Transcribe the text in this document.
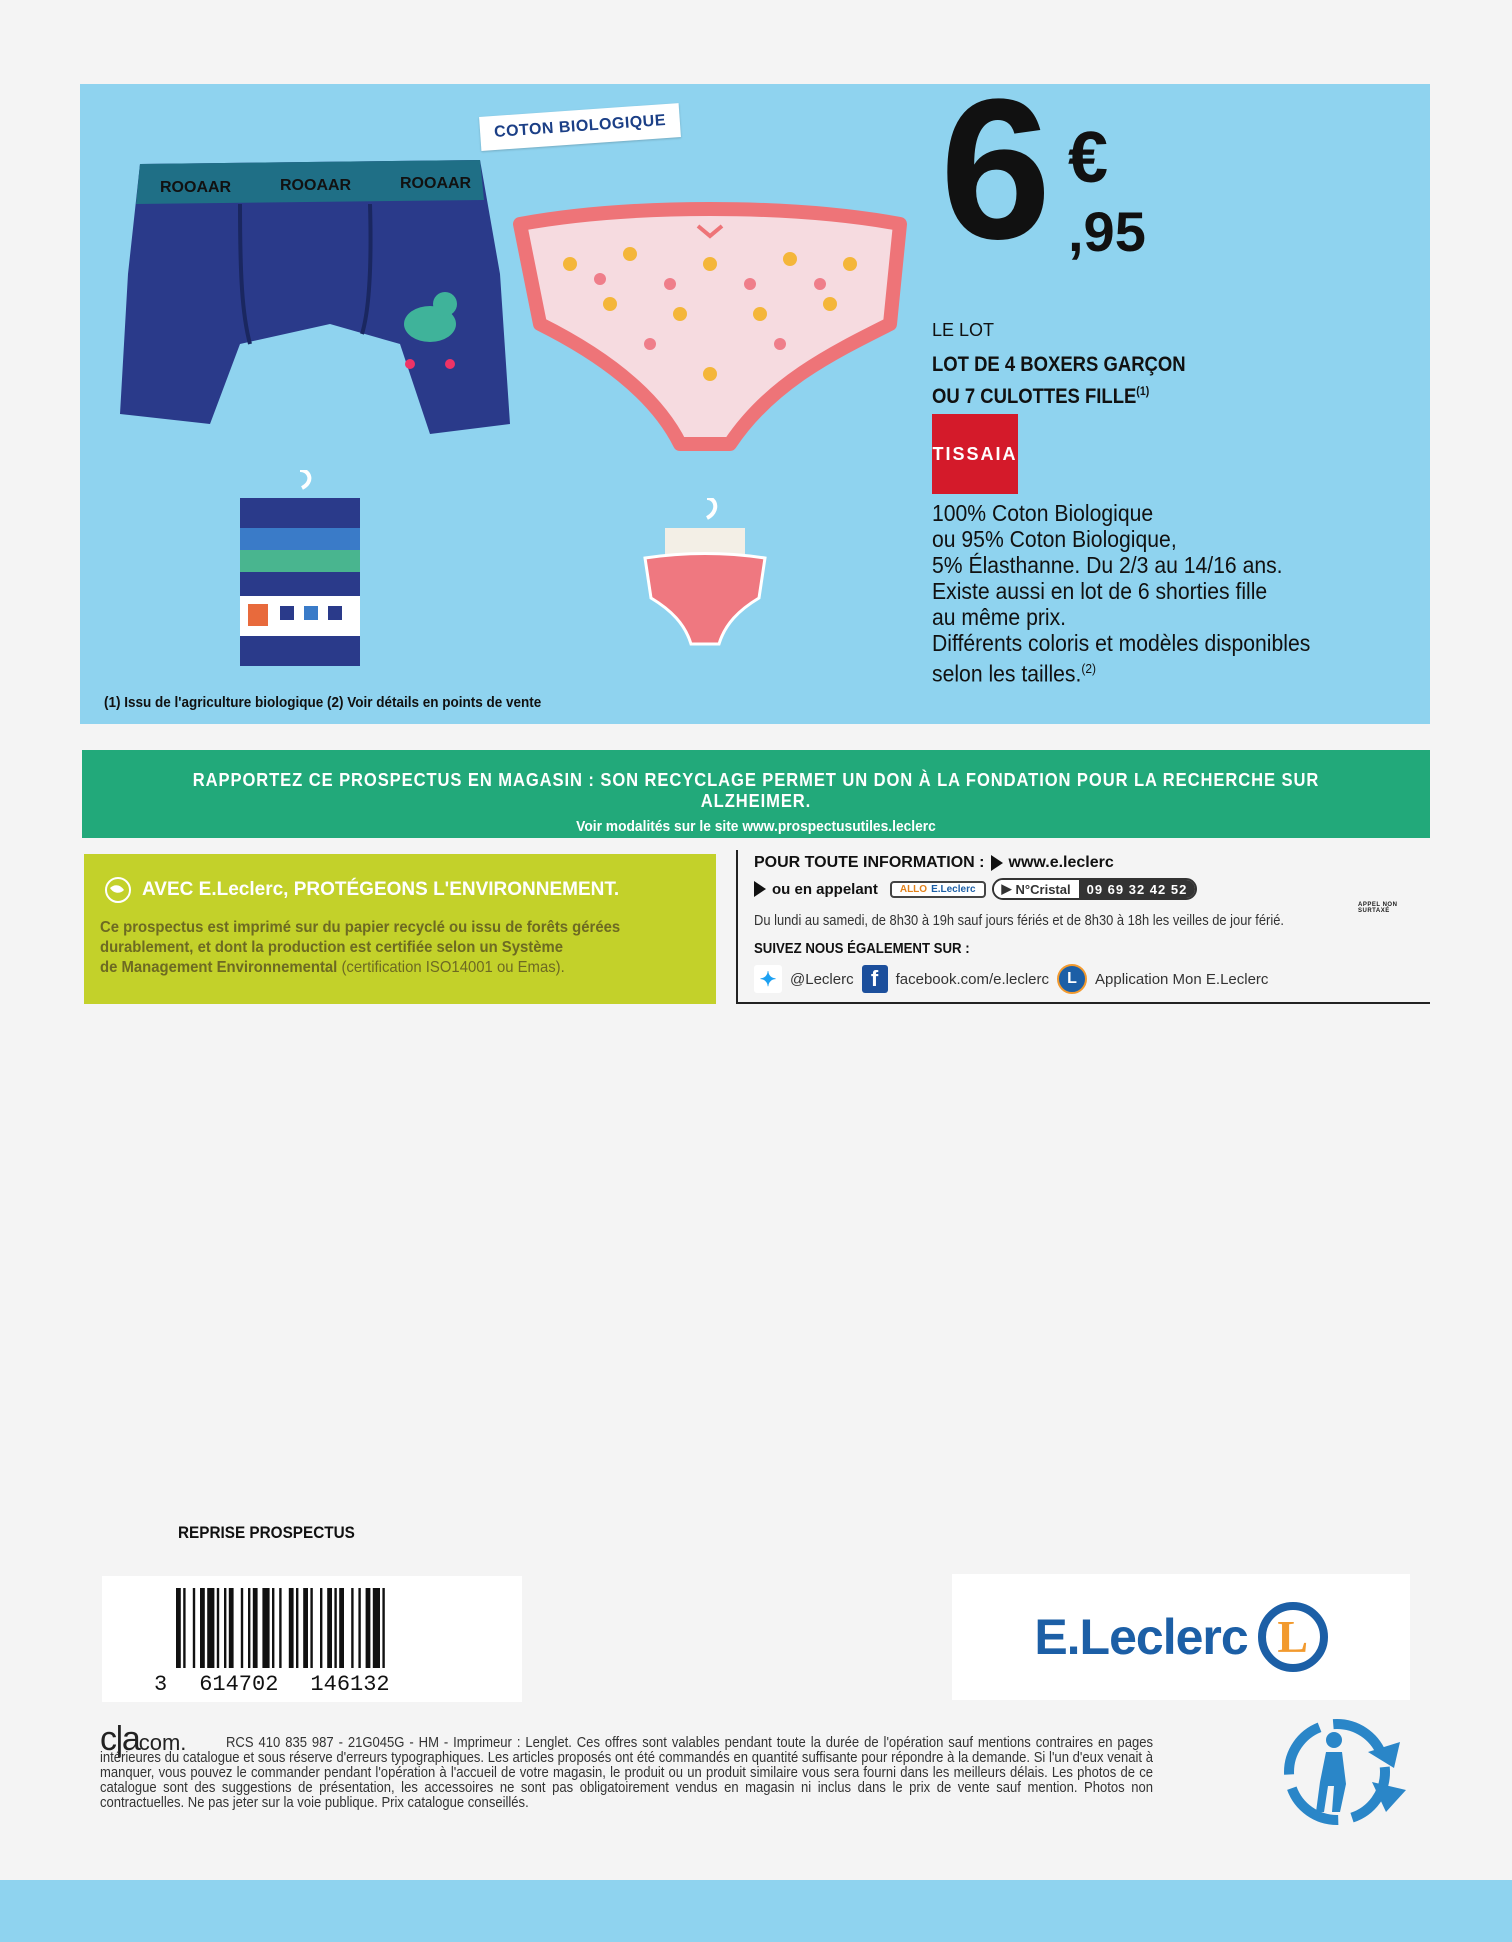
ROOAAR	ROOAAR	ROOAAR
COTON BIOLOGIQUE 6 €
,95
LE LOT
LOT DE 4 BOXERS GARÇON
OU 7 CULOTTES FILLE$^{(1)}$
TISSAIA
100% Coton Biologique
ou 95% Coton Biologique,
5% Élasthanne. Du 2/3 au 14/16 ans.
Existe aussi en lot de 6 shorties fille
au même prix.
Différents coloris et modèles disponibles
selon les tailles.$^{(2)}$
(1) Issu de l'agriculture biologique (2) Voir détails en points de vente
RAPPORTEZ CE PROSPECTUS EN MAGASIN : SON RECYCLAGE PERMET UN DON À LA FONDATION POUR LA RECHERCHE SUR ALZHEIMER.
Voir modalités sur le site www.prospectusutiles.leclerc
AVEC E.Leclerc, PROTÉGEONS L'ENVIRONNEMENT.
Ce prospectus est imprimé sur du papier recyclé ou issu de forêts gérées
durablement, et dont la production est certifiée selon un Système
de Management Environnemental (certification ISO14001 ou Emas).
POUR TOUTE INFORMATION : www.e.leclerc
ou en appelant ALLO E.Leclerc ▶ N°Cristal	09 69 32 42 52
APPEL NON SURTAXÉ
Du lundi au samedi, de 8h30 à 19h sauf jours fériés et de 8h30 à 18h les veilles de jour férié.
SUIVEZ NOUS ÉGALEMENT SUR :
✦ @Leclerc f	facebook.com/e.leclerc	L	Application Mon E.Leclerc
REPRISE PROSPECTUS
3 614702 146132
E.Leclerc L
c|acom.	RCS 410 835 987 - 21G045G - HM - Imprimeur : Lenglet. Ces offres sont valables pendant toute la durée de l'opération sauf mentions contraires en pages intérieures du catalogue et sous réserve d'erreurs typographiques. Les articles proposés ont été commandés en quantité suffisante pour répondre à la demande. Si l'un d'eux venait à manquer, vous pouvez le commander pendant l'opération à l'accueil de votre magasin, le produit ou un produit similaire vous sera fourni dans les meilleurs délais. Les photos de ce catalogue sont des suggestions de présentation, les accessoires ne sont pas obligatoirement vendus en magasin ni inclus dans le prix de vente sauf mention. Photos non contractuelles. Ne pas jeter sur la voie publique. Prix catalogue conseillés.
